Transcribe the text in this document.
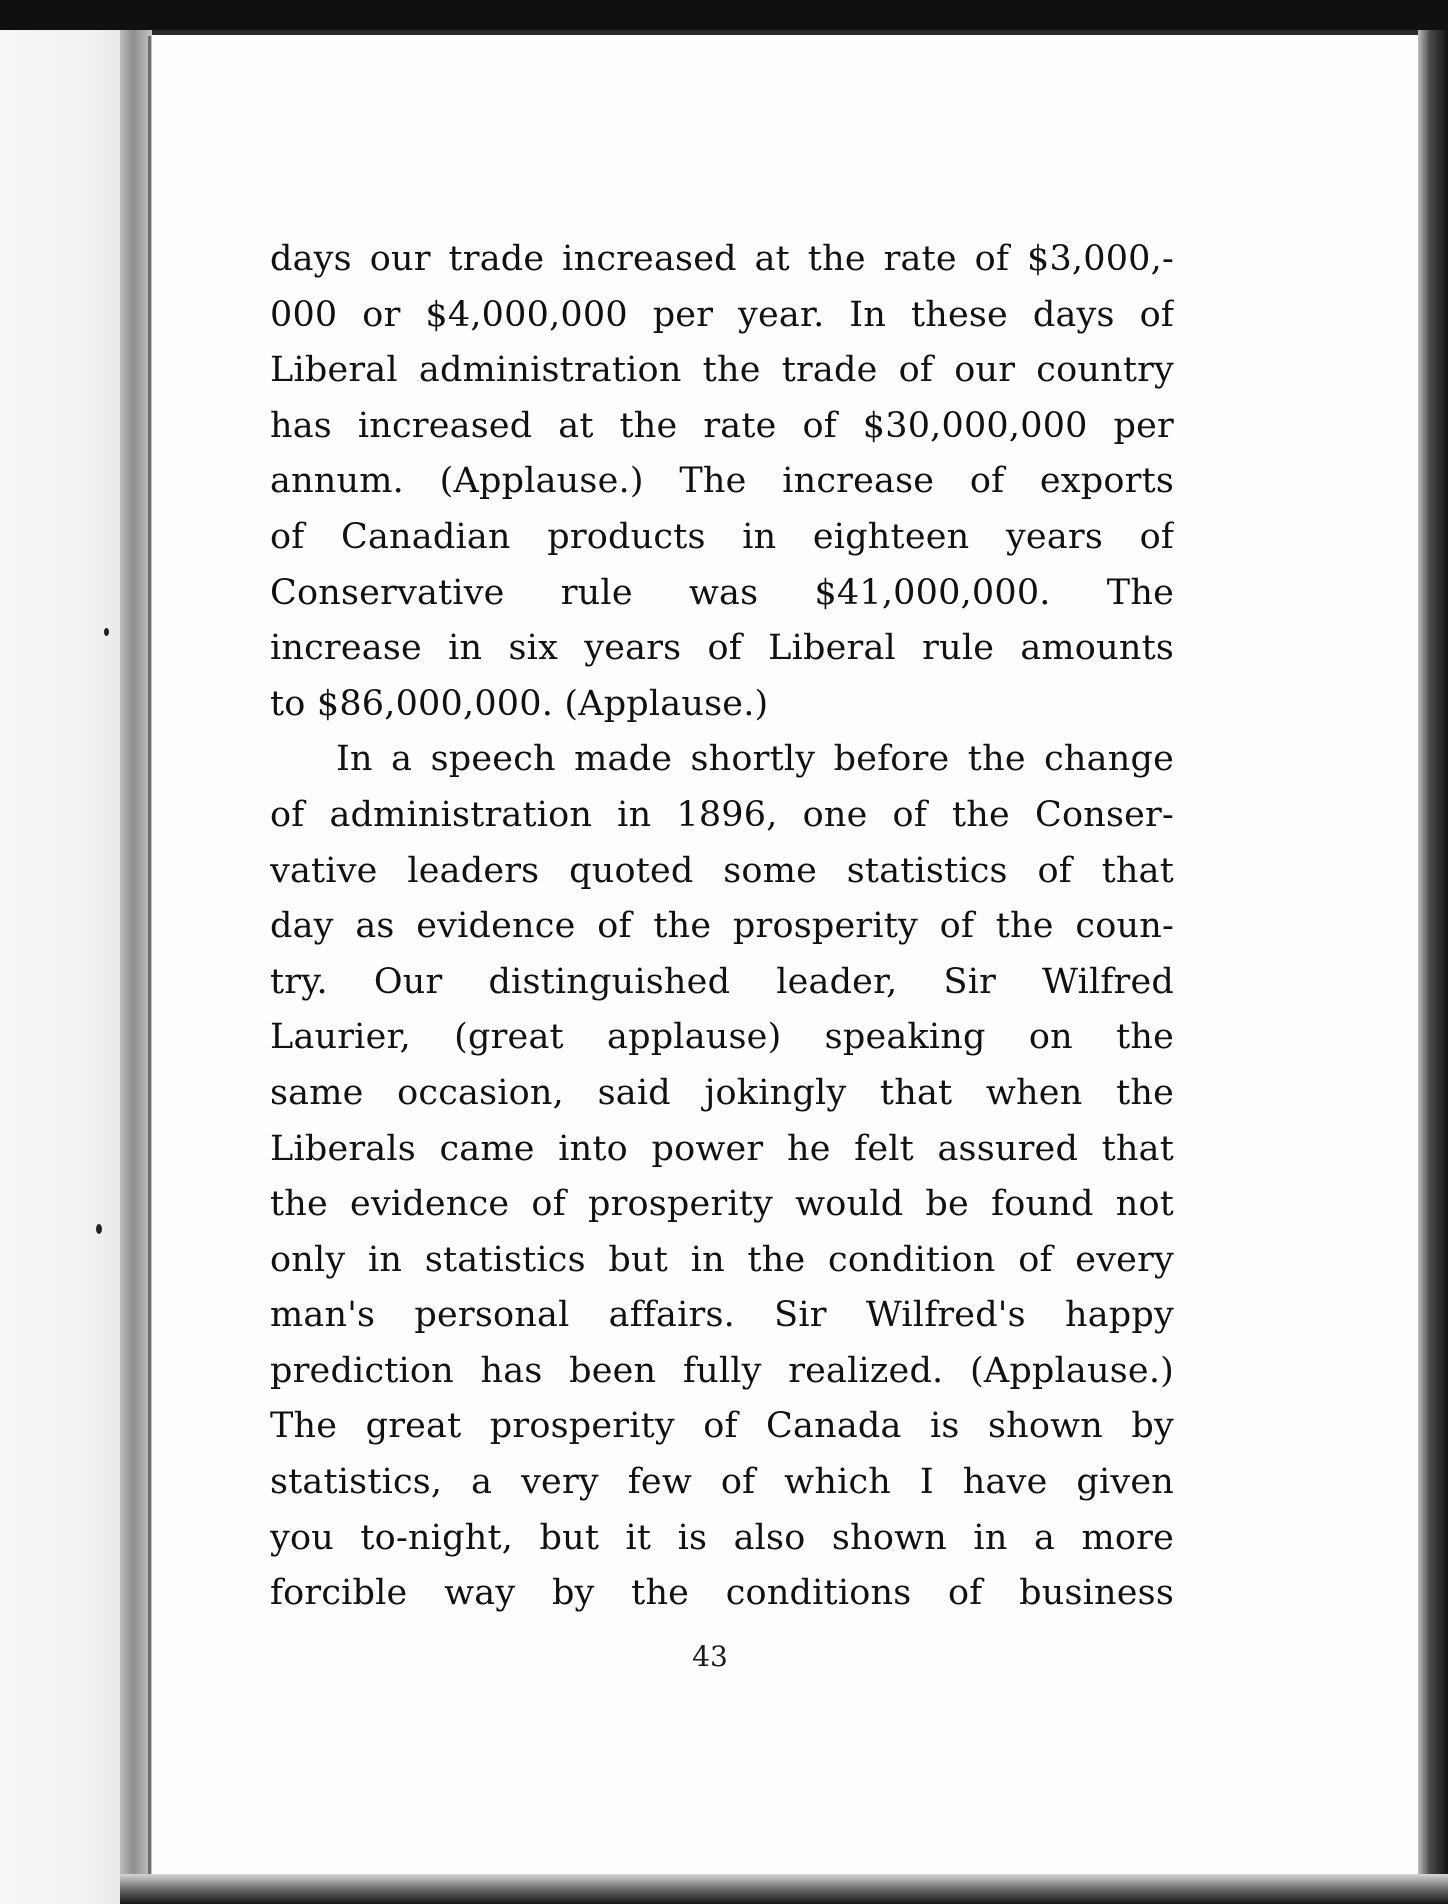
days our trade increased at the rate of $3,000,-
000 or $4,000,000 per year. In these days of
Liberal administration the trade of our country
has increased at the rate of $30,000,000 per
annum. (Applause.) The increase of exports
of Canadian products in eighteen years of
Conservative rule was $41,000,000. The
increase in six years of Liberal rule amounts
to $86,000,000. (Applause.)
In a speech made shortly before the change
of administration in 1896, one of the Conser-
vative leaders quoted some statistics of that
day as evidence of the prosperity of the coun-
try. Our distinguished leader, Sir Wilfred
Laurier, (great applause) speaking on the
same occasion, said jokingly that when the
Liberals came into power he felt assured that
the evidence of prosperity would be found not
only in statistics but in the condition of every
man's personal affairs. Sir Wilfred's happy
prediction has been fully realized. (Applause.)
The great prosperity of Canada is shown by
statistics, a very few of which I have given
you to-night, but it is also shown in a more
forcible way by the conditions of business
43
